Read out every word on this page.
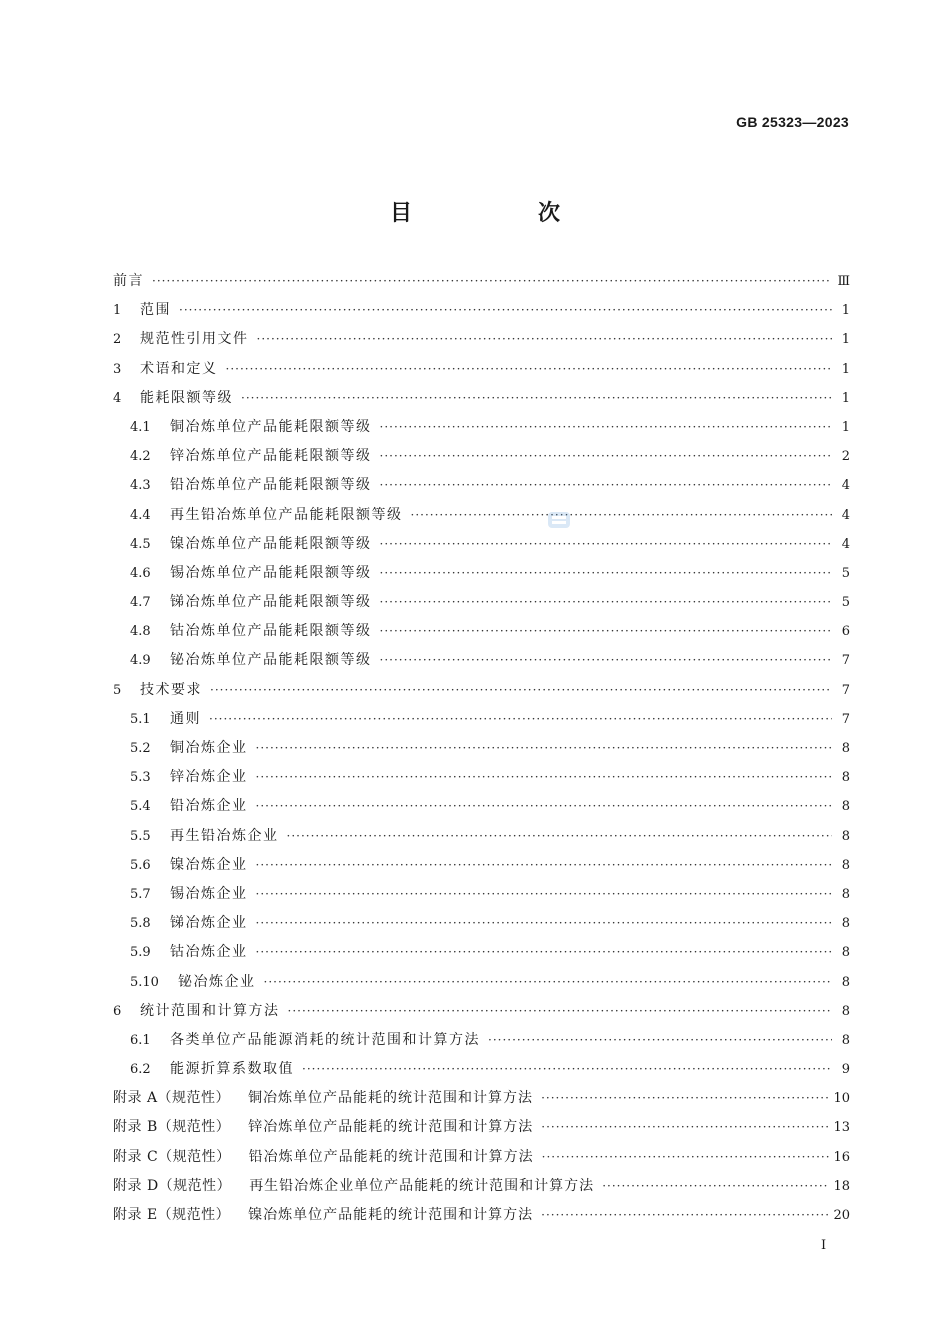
GB 25323—2023
目　次
前言 ·····	Ⅲ
1	范围 ·····	1
2	规范性引用文件 ·····	1
3	术语和定义 ·····	1
4	能耗限额等级 ·····	1
4.1	铜冶炼单位产品能耗限额等级 ·····	1
4.2	锌冶炼单位产品能耗限额等级 ·····	2
4.3	铅冶炼单位产品能耗限额等级 ·····	4
4.4	再生铅冶炼单位产品能耗限额等级 ·····	4
4.5	镍冶炼单位产品能耗限额等级 ·····	4
4.6	锡冶炼单位产品能耗限额等级 ·····	5
4.7	锑冶炼单位产品能耗限额等级 ·····	5
4.8	钴冶炼单位产品能耗限额等级 ·····	6
4.9	铋冶炼单位产品能耗限额等级 ·····	7
5	技术要求 ·····	7
5.1	通则 ·····	7
5.2	铜冶炼企业 ·····	8
5.3	锌冶炼企业 ·····	8
5.4	铅冶炼企业 ·····	8
5.5	再生铅冶炼企业 ·····	8
5.6	镍冶炼企业 ·····	8
5.7	锡冶炼企业 ·····	8
5.8	锑冶炼企业 ·····	8
5.9	钴冶炼企业 ·····	8
5.10	铋冶炼企业 ·····	8
6	统计范围和计算方法 ·····	8
6.1	各类单位产品能源消耗的统计范围和计算方法 ·····	8
6.2	能源折算系数取值 ·····	9
附录 A（规范性） 铜冶炼单位产品能耗的统计范围和计算方法 ·····	10
附录 B（规范性） 锌冶炼单位产品能耗的统计范围和计算方法 ·····	13
附录 C（规范性） 铅冶炼单位产品能耗的统计范围和计算方法 ·····	16
附录 D（规范性） 再生铅冶炼企业单位产品能耗的统计范围和计算方法 ·····	18
附录 E（规范性） 镍冶炼单位产品能耗的统计范围和计算方法 ·····	20
Ⅰ
